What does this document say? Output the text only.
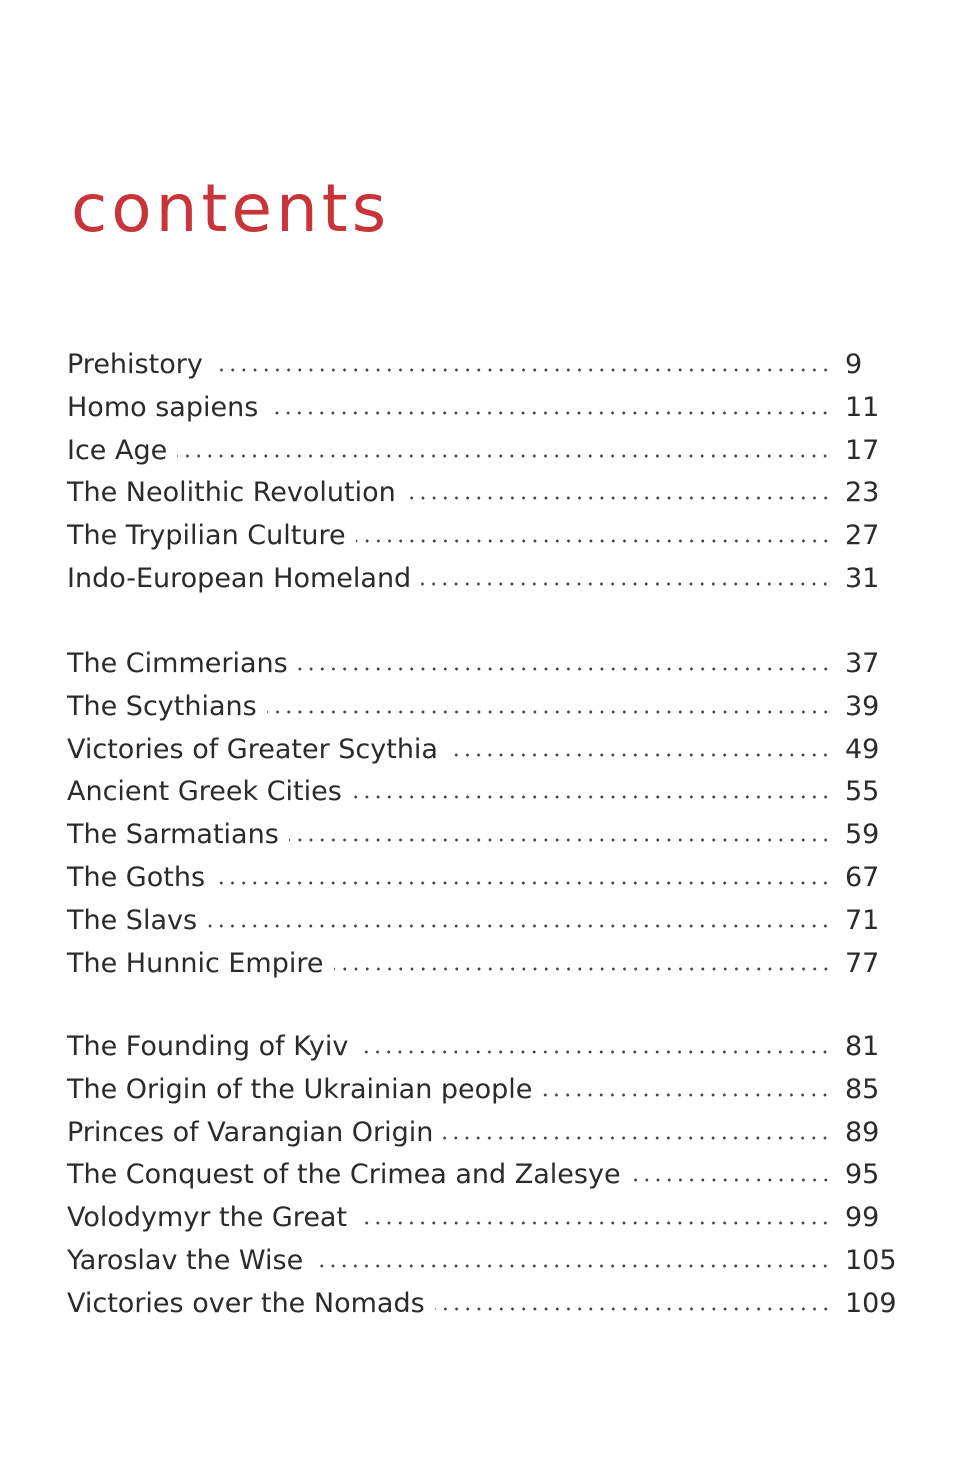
contents
Prehistory	9
Homo sapiens	11
Ice Age	17
The Neolithic Revolution	23
The Trypilian Culture	27
Indo-European Homeland	31
The Cimmerians	37
The Scythians	39
Victories of Greater Scythia	49
Ancient Greek Cities	55
The Sarmatians	59
The Goths	67
The Slavs	71
The Hunnic Empire	77
The Founding of Kyiv	81
The Origin of the Ukrainian people	85
Princes of Varangian Origin	89
The Conquest of the Crimea and Zalesye	95
Volodymyr the Great	99
Yaroslav the Wise	105
Victories over the Nomads	109
